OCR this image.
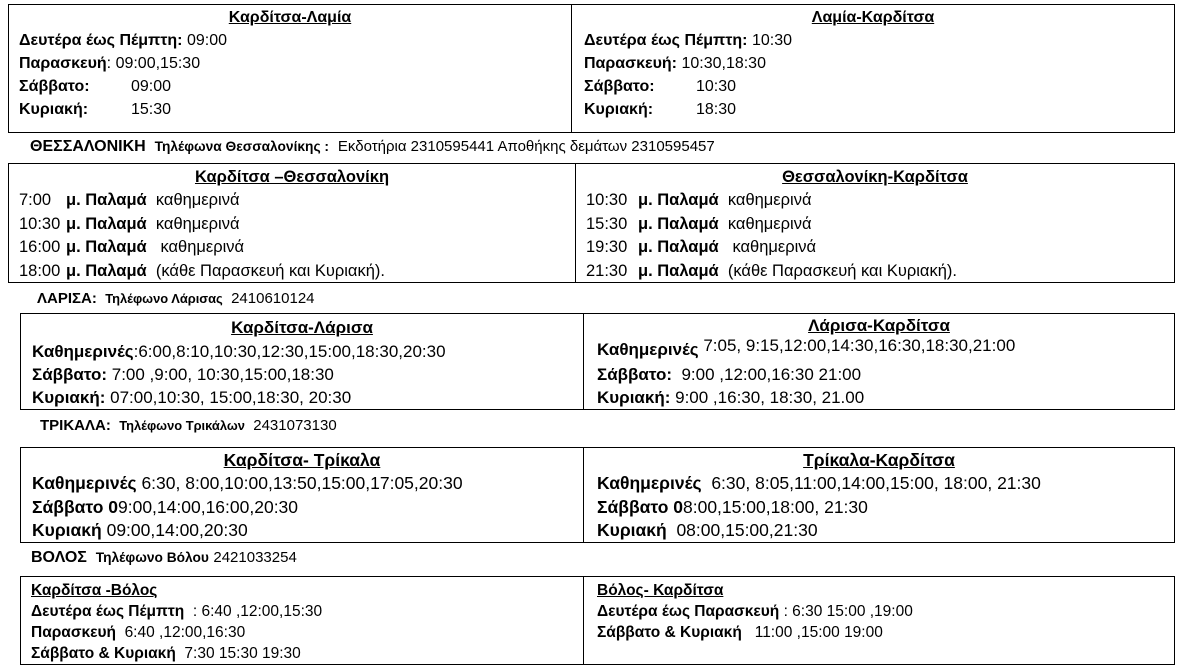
Καρδίτσα-Λαμία
Δευτέρα έως Πέμπτη: 09:00
Παρασκευή: 09:00,15:30
Σάββατο:	09:00
Κυριακή:	15:30
Λαμία-Καρδίτσα
Δευτέρα έως Πέμπτη: 10:30
Παρασκευή: 10:30,18:30
Σάββατο:	10:30
Κυριακή:	18:30
ΘΕΣΣΑΛΟΝΙΚΗ Τηλέφωνα Θεσσαλονίκης : Εκδοτήρια 2310595441 Αποθήκης δεμάτων 2310595457
Καρδίτσα –Θεσσαλονίκη
7:00 μ. Παλαμά καθημερινά
10:30 μ. Παλαμά καθημερινά
16:00 μ. Παλαμά καθημερινά
18:00 μ. Παλαμά (κάθε Παρασκευή και Κυριακή).
Θεσσαλονίκη-Καρδίτσα
10:30 μ. Παλαμά καθημερινά
15:30 μ. Παλαμά καθημερινά
19:30 μ. Παλαμά καθημερινά
21:30 μ. Παλαμά (κάθε Παρασκευή και Κυριακή).
ΛΑΡΙΣΑ: Τηλέφωνο Λάρισας 2410610124
Καρδίτσα-Λάρισα
Καθημερινές:6:00,8:10,10:30,12:30,15:00,18:30,20:30
Σάββατο: 7:00 ,9:00, 10:30,15:00,18:30
Κυριακή: 07:00,10:30, 15:00,18:30, 20:30
Λάρισα-Καρδίτσα
Καθημερινές 7:05, 9:15,12:00,14:30,16:30,18:30,21:00
Σάββατο: 9:00 ,12:00,16:30 21:00
Κυριακή: 9:00 ,16:30, 18:30, 21.00
ΤΡΙΚΑΛΑ: Τηλέφωνο Τρικάλων 2431073130
Καρδίτσα- Τρίκαλα
Καθημερινές 6:30, 8:00,10:00,13:50,15:00,17:05,20:30
Σάββατο 09:00,14:00,16:00,20:30
Κυριακή 09:00,14:00,20:30
Τρίκαλα-Καρδίτσα
Καθημερινές 6:30, 8:05,11:00,14:00,15:00, 18:00, 21:30
Σάββατο 08:00,15:00,18:00, 21:30
Κυριακή 08:00,15:00,21:30
ΒΟΛΟΣ Τηλέφωνο Βόλου 2421033254
Καρδίτσα -Βόλος
Δευτέρα έως Πέμπτη : 6:40 ,12:00,15:30
Παρασκευή 6:40 ,12:00,16:30
Σάββατο & Κυριακή 7:30 15:30 19:30
Βόλος- Καρδίτσα
Δευτέρα έως Παρασκευή : 6:30 15:00 ,19:00
Σάββατο & Κυριακή 11:00 ,15:00 19:00
